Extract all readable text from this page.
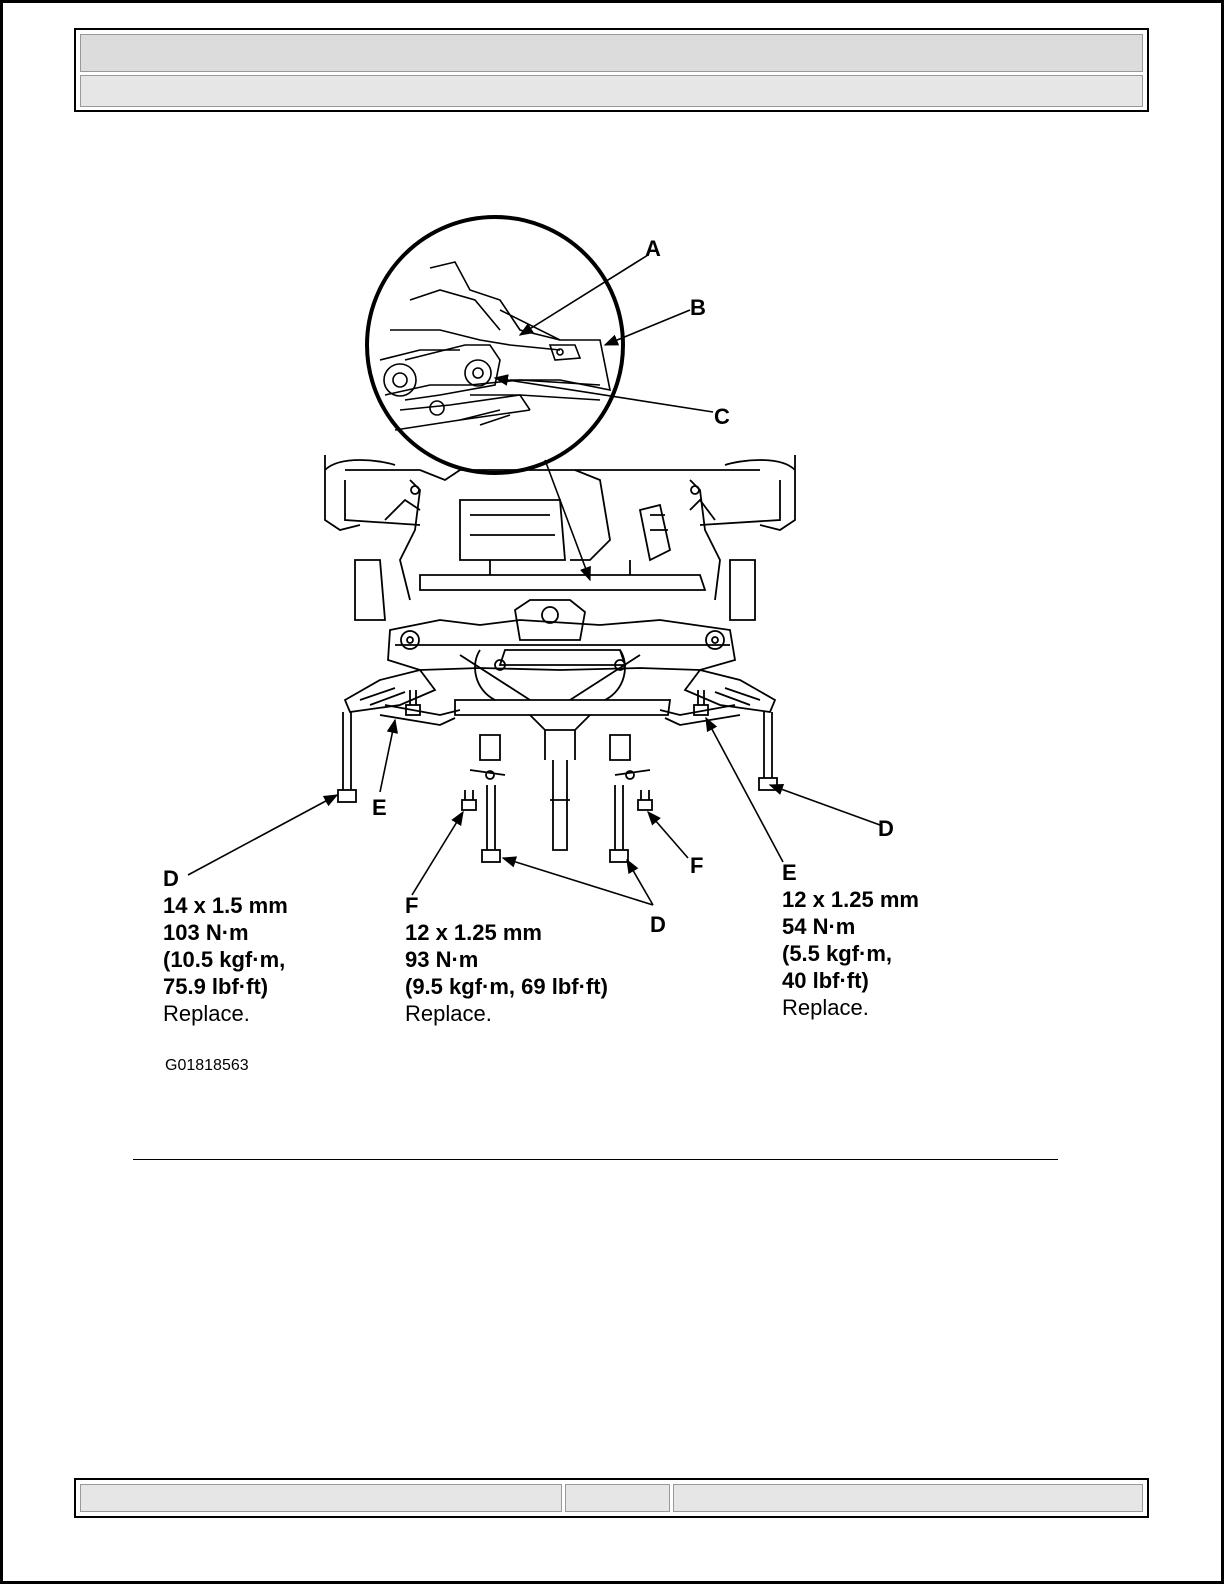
A
B
C
E
D
F
D
D
14 x 1.5 mm
103 N·m
(10.5 kgf·m,
75.9 lbf·ft)
Replace.
F
12 x 1.25 mm
93 N·m
(9.5 kgf·m, 69 lbf·ft)
Replace.
E
12 x 1.25 mm
54 N·m
(5.5 kgf·m,
40 lbf·ft)
Replace.
G01818563
